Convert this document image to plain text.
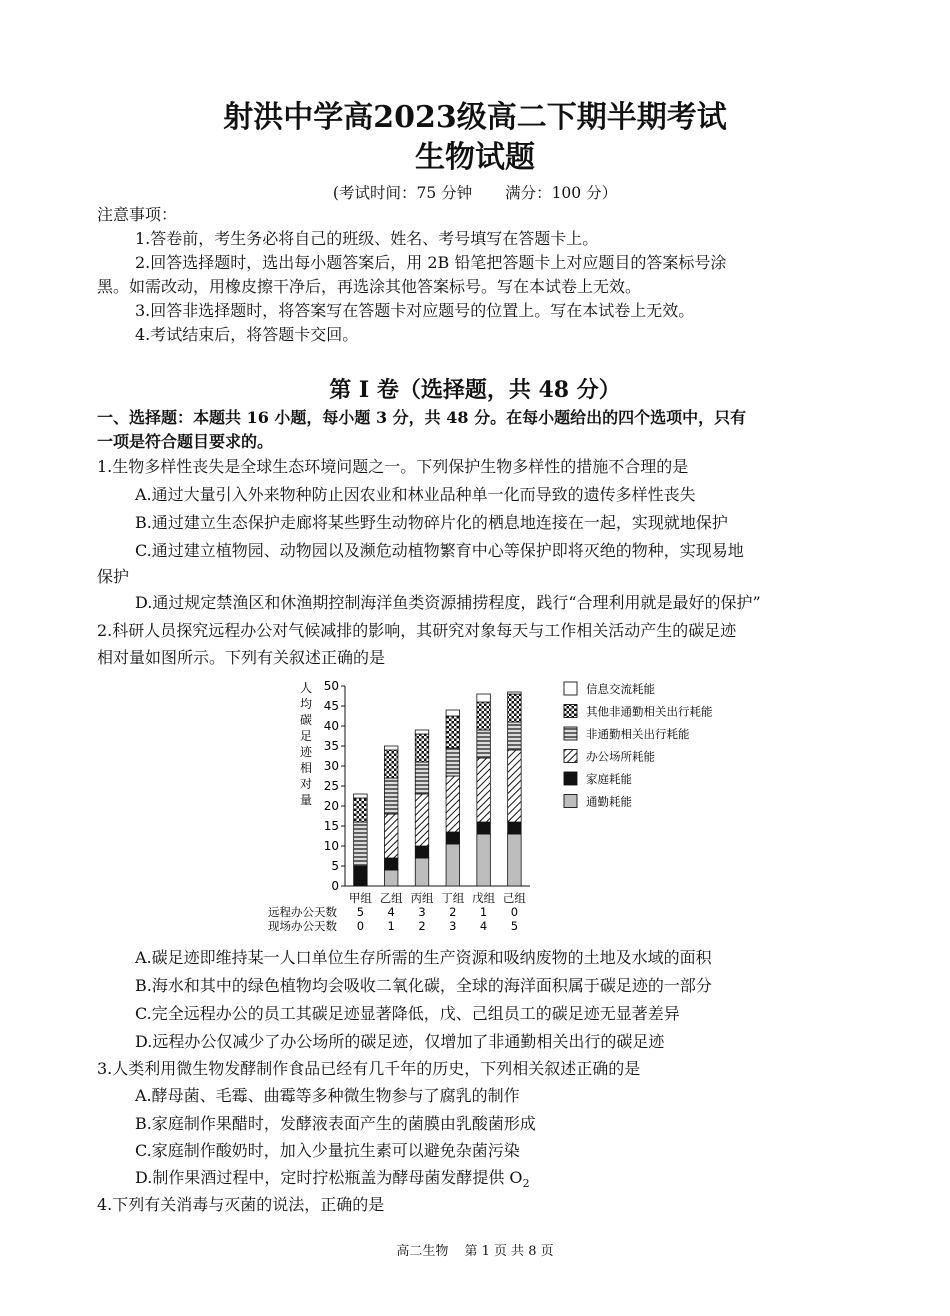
射洪中学高2023级高二下期半期考试
生物试题
(考试时间：75 分钟 满分：100 分）
注意事项：
1.答卷前，考生务必将自己的班级、姓名、考号填写在答题卡上。
2.回答选择题时，选出每小题答案后，用 2B 铅笔把答题卡上对应题目的答案标号涂
黑。如需改动，用橡皮擦干净后，再选涂其他答案标号。写在本试卷上无效。
3.回答非选择题时，将答案写在答题卡对应题号的位置上。写在本试卷上无效。
4.考试结束后，将答题卡交回。
第 I 卷（选择题，共 48 分）
一、选择题：本题共 16 小题，每小题 3 分，共 48 分。在每小题给出的四个选项中，只有
一项是符合题目要求的。
1.生物多样性丧失是全球生态环境问题之一。下列保护生物多样性的措施不合理的是
A.通过大量引入外来物种防止因农业和林业品种单一化而导致的遗传多样性丧失
B.通过建立生态保护走廊将某些野生动物碎片化的栖息地连接在一起，实现就地保护
C.通过建立植物园、动物园以及濒危动植物繁育中心等保护即将灭绝的物种，实现易地
保护
D.通过规定禁渔区和休渔期控制海洋鱼类资源捕捞程度，践行“合理利用就是最好的保护”
2.科研人员探究远程办公对气候减排的影响，其研究对象每天与工作相关活动产生的碳足迹
相对量如图所示。下列有关叙述正确的是
人
均
碳
足
迹
相
对
量
0
5
10
15
20
25
30
35
40
45
50
甲组
5
0
乙组
4
1
丙组
3
2
丁组
2
3
戊组
1
4
己组
0
5
远程办公天数
现场办公天数
信息交流耗能
其他非通勤相关出行耗能
非通勤相关出行耗能
办公场所耗能
家庭耗能
通勤耗能
A.碳足迹即维持某一人口单位生存所需的生产资源和吸纳废物的土地及水域的面积
B.海水和其中的绿色植物均会吸收二氧化碳，全球的海洋面积属于碳足迹的一部分
C.完全远程办公的员工其碳足迹显著降低，戊、己组员工的碳足迹无显著差异
D.远程办公仅减少了办公场所的碳足迹，仅增加了非通勤相关出行的碳足迹
3.人类利用微生物发酵制作食品已经有几千年的历史，下列相关叙述正确的是
A.酵母菌、毛霉、曲霉等多种微生物参与了腐乳的制作
B.家庭制作果醋时，发酵液表面产生的菌膜由乳酸菌形成
C.家庭制作酸奶时，加入少量抗生素可以避免杂菌污染
D.制作果酒过程中，定时拧松瓶盖为酵母菌发酵提供 $O_2$
4.下列有关消毒与灭菌的说法，正确的是
高二生物 第 1 页 共 8 页
